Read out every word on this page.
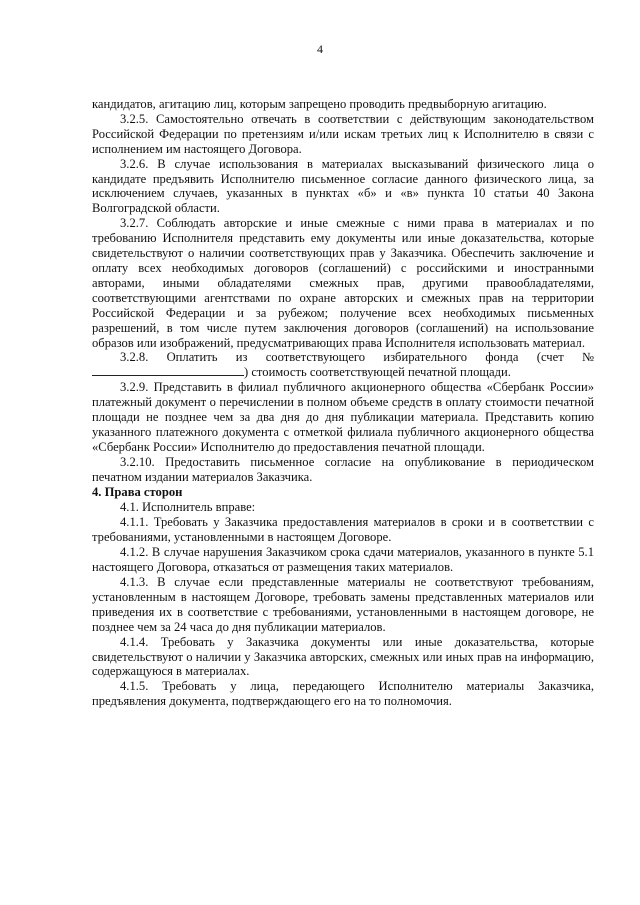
4

кандидатов, агитацию лиц, которым запрещено проводить предвыборную агитацию.

3.2.5. Самостоятельно отвечать в соответствии с действующим законодательством Российской Федерации по претензиям и/или искам третьих лиц к Исполнителю в связи с исполнением им настоящего Договора.

3.2.6. В случае использования в материалах высказываний физического лица о кандидате предъявить Исполнителю письменное согласие данного физического лица, за исключением случаев, указанных в пунктах «б» и «в» пункта 10 статьи 40 Закона Волгоградской области.

3.2.7. Соблюдать авторские и иные смежные с ними права в материалах и по требованию Исполнителя представить ему документы или иные доказательства, которые свидетельствуют о наличии соответствующих прав у Заказчика. Обеспечить заключение и оплату всех необходимых договоров (соглашений) с российскими и иностранными авторами, иными обладателями смежных прав, другими правообладателями, соответствующими агентствами по охране авторских и смежных прав на территории Российской Федерации и за рубежом; получение всех необходимых письменных разрешений, в том числе путем заключения договоров (соглашений) на использование образов или изображений, предусматривающих права Исполнителя использовать материал.

3.2.8. Оплатить из соответствующего избирательного фонда (счет №) стоимость соответствующей печатной площади.

3.2.9. Представить в филиал публичного акционерного общества «Сбербанк России» платежный документ о перечислении в полном объеме средств в оплату стоимости печатной площади не позднее чем за два дня до дня публикации материала. Представить копию указанного платежного документа с отметкой филиала публичного акционерного общества «Сбербанк России» Исполнителю до предоставления печатной площади.

3.2.10. Предоставить письменное согласие на опубликование в периодическом печатном издании материалов Заказчика.

4. Права сторон

4.1. Исполнитель вправе:

4.1.1. Требовать у Заказчика предоставления материалов в сроки и в соответствии с требованиями, установленными в настоящем Договоре.

4.1.2. В случае нарушения Заказчиком срока сдачи материалов, указанного в пункте 5.1 настоящего Договора, отказаться от размещения таких материалов.

4.1.3. В случае если представленные материалы не соответствуют требованиям, установленным в настоящем Договоре, требовать замены представленных материалов или приведения их в соответствие с требованиями, установленными в настоящем договоре, не позднее чем за 24 часа до дня публикации материалов.

4.1.4. Требовать у Заказчика документы или иные доказательства, которые свидетельствуют о наличии у Заказчика авторских, смежных или иных прав на информацию, содержащуюся в материалах.

4.1.5. Требовать у лица, передающего Исполнителю материалы Заказчика, предъявления документа, подтверждающего его на то полномочия.
